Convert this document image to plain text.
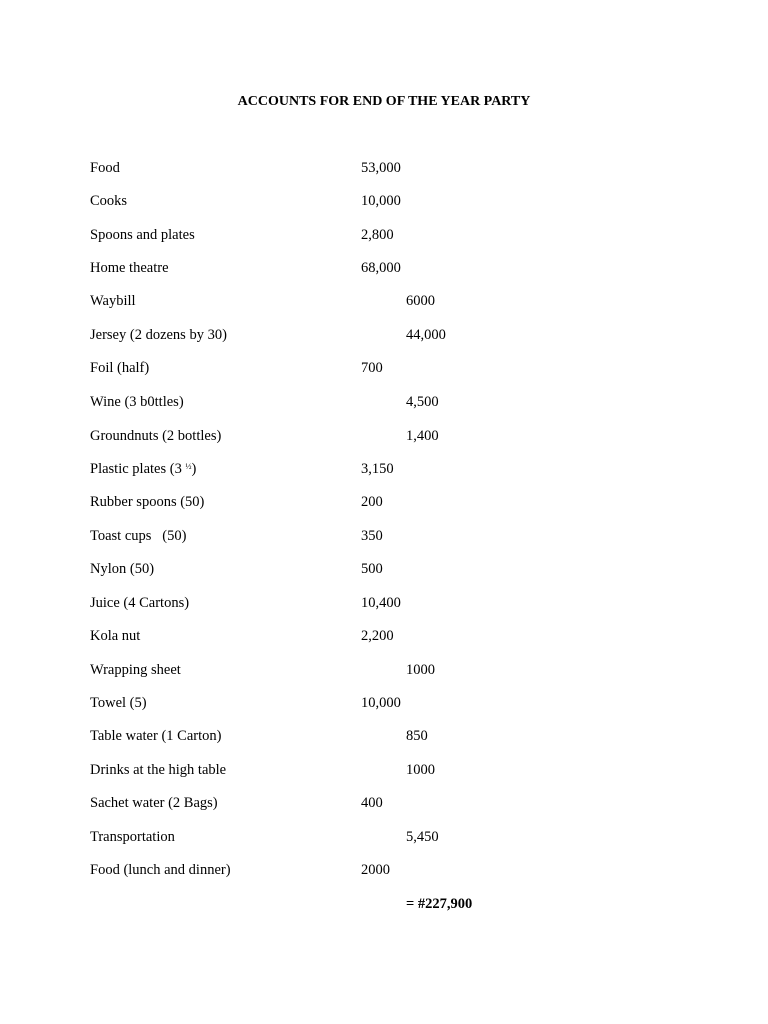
ACCOUNTS FOR END OF THE YEAR PARTY
Food	53,000
Cooks	10,000
Spoons and plates	2,800
Home theatre	68,000
Waybill	6000
Jersey (2 dozens by 30)	44,000
Foil (half)	700
Wine (3 b0ttles)	4,500
Groundnuts (2 bottles)	1,400
Plastic plates (3 $^{\frac{1}{2}}$)	3,150
Rubber spoons (50)	200
Toast cups   (50)	350
Nylon (50)	500
Juice (4 Cartons)	10,400
Kola nut	2,200
Wrapping sheet	1000
Towel (5)	10,000
Table water (1 Carton)	850
Drinks at the high table	1000
Sachet water (2 Bags)	400
Transportation	5,450
Food (lunch and dinner)	2000
= #227,900
